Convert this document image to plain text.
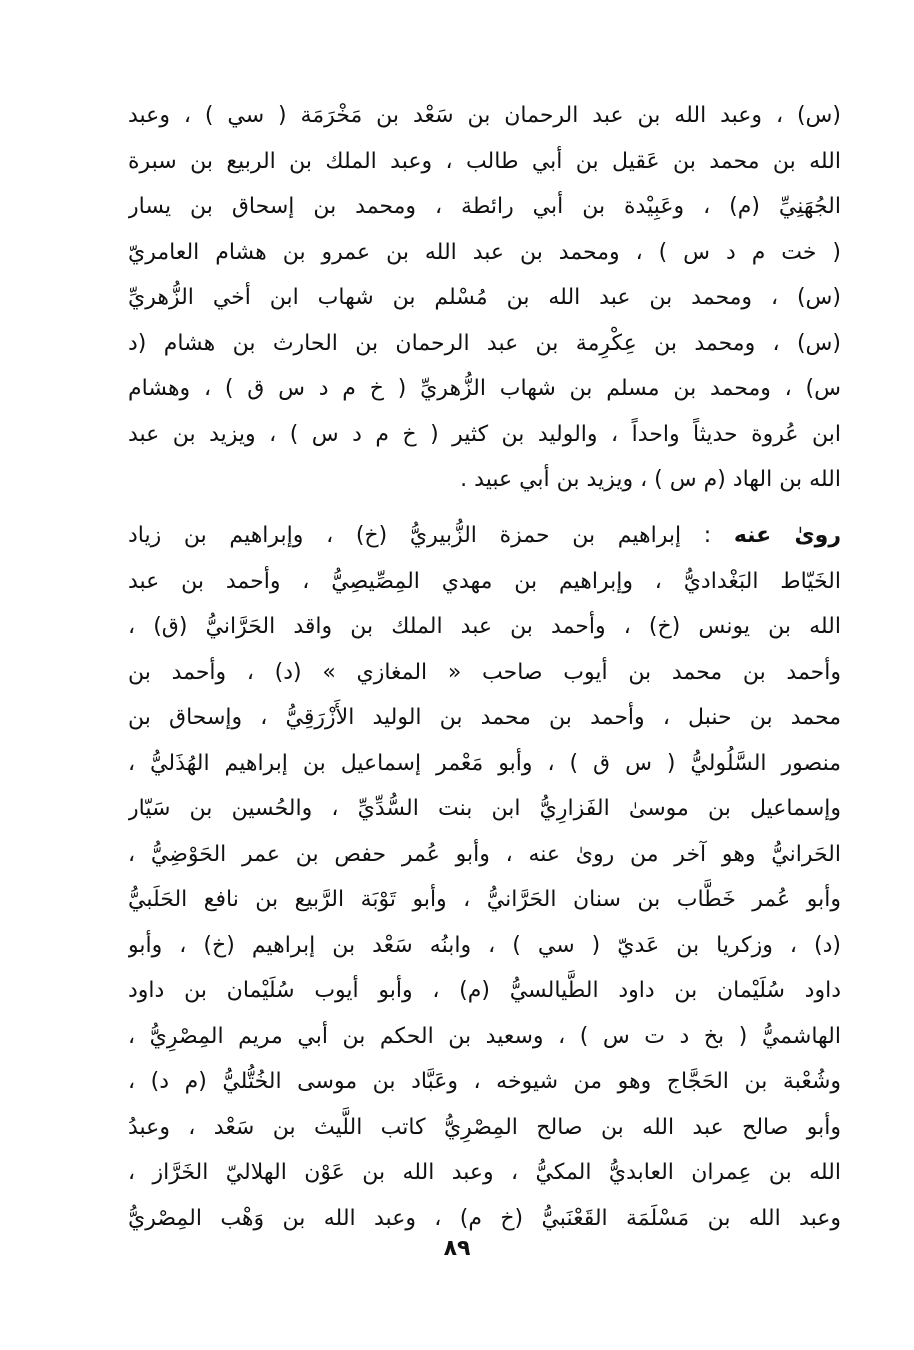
(س) ، وعبد الله بن عبد الرحمان بن سَعْد بن مَخْرَمَة ( سي ) ، وعبد
الله بن محمد بن عَقيل بن أبي طالب ، وعبد الملك بن الربيع بن سبرة
الجُهَنِيِّ (م) ، وعَبِيْدة بن أبي رائطة ، ومحمد بن إسحاق بن يسار
( خت م د س ) ، ومحمد بن عبد الله بن عمرو بن هشام العامريّ
(س) ، ومحمد بن عبد الله بن مُسْلم بن شهاب ابن أخي الزُّهريِّ
(س) ، ومحمد بن عِكْرِمة بن عبد الرحمان بن الحارث بن هشام (د
س) ، ومحمد بن مسلم بن شهاب الزُّهريِّ ( خ م د س ق ) ، وهشام
ابن عُروة حديثاً واحداً ، والوليد بن كثير ( خ م د س ) ، ويزيد بن عبد
الله بن الهاد (م س ) ، ويزيد بن أبي عبيد .
روىٰ عنه : إبراهيم بن حمزة الزُّبيريُّ (خ) ، وإبراهيم بن زياد
الخَيّاط البَغْداديُّ ، وإبراهيم بن مهدي المِصِّيصِيُّ ، وأحمد بن عبد
الله بن يونس (خ) ، وأحمد بن عبد الملك بن واقد الحَرَّانيُّ (ق) ،
وأحمد بن محمد بن أيوب صاحب « المغازي » (د) ، وأحمد بن
محمد بن حنبل ، وأحمد بن محمد بن الوليد الأَزْرَقِيُّ ، وإسحاق بن
منصور السَّلُوليُّ ( س ق ) ، وأبو مَعْمر إسماعيل بن إبراهيم الهُذَليُّ ،
وإسماعيل بن موسىٰ الفَزارِيُّ ابن بنت السُّدِّيِّ ، والحُسين بن سَيّار
الحَرانيُّ وهو آخر من روىٰ عنه ، وأبو عُمر حفص بن عمر الحَوْضِيُّ ،
وأبو عُمر خَطَّاب بن سنان الحَرَّانيُّ ، وأبو تَوْبَة الرَّبيع بن نافع الحَلَبيُّ
(د) ، وزكريا بن عَديّ ( سي ) ، وابنُه سَعْد بن إبراهيم (خ) ، وأبو
داود سُلَيْمان بن داود الطَّيالسيُّ (م) ، وأبو أيوب سُلَيْمان بن داود
الهاشميُّ ( بخ د ت س ) ، وسعيد بن الحكم بن أبي مريم المِصْرِيُّ ،
وشُعْبة بن الحَجَّاج وهو من شيوخه ، وعَبَّاد بن موسى الخُتُّليُّ (م د) ،
وأبو صالح عبد الله بن صالح المِصْرِيُّ كاتب اللَّيث بن سَعْد ، وعبدُ
الله بن عِمران العابديُّ المكيُّ ، وعبد الله بن عَوْن الهلاليّ الخَرَّاز ،
وعبد الله بن مَسْلَمَة القَعْنَبيُّ (خ م) ، وعبد الله بن وَهْب المِصْريُّ
٨٩
